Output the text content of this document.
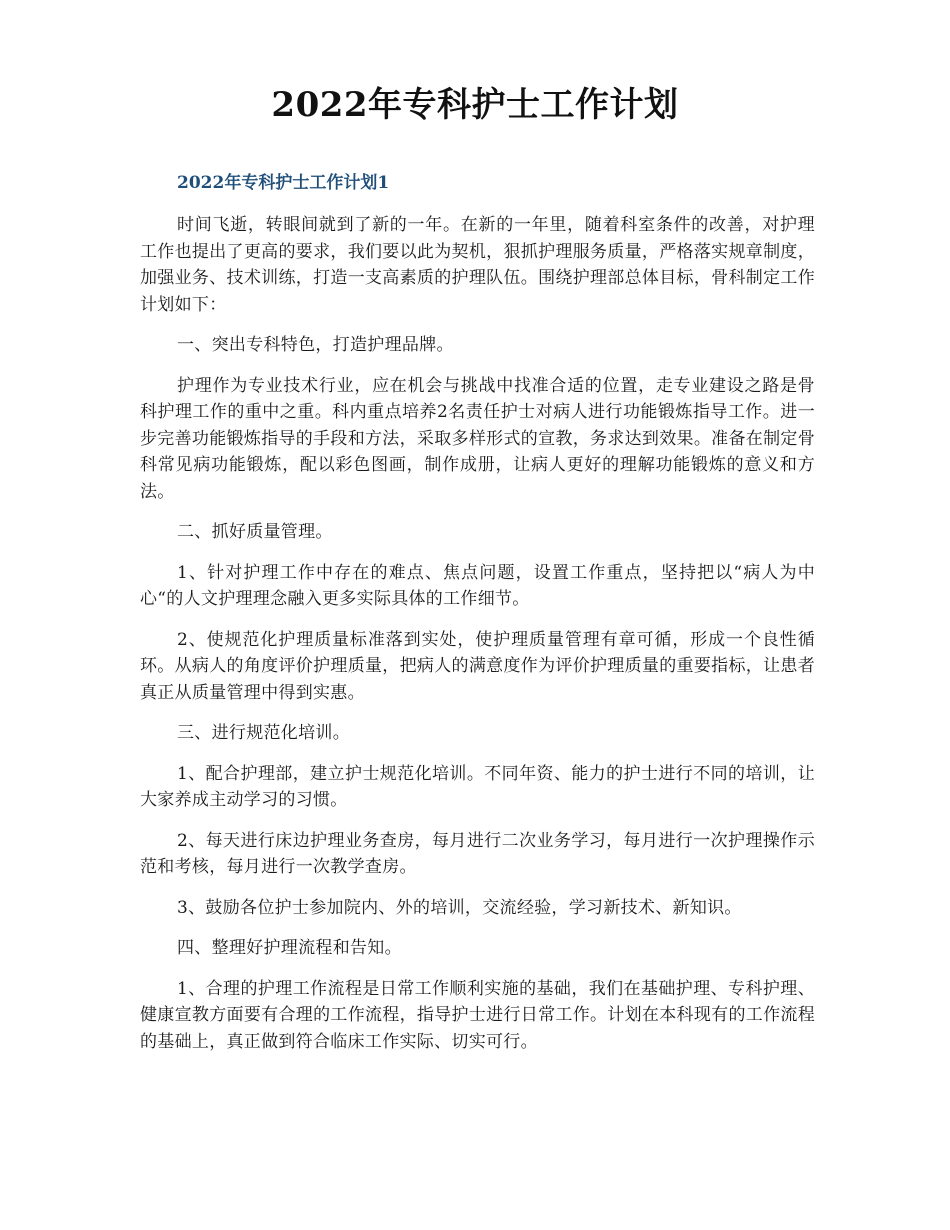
2022年专科护士工作计划
2022年专科护士工作计划1

时间飞逝，转眼间就到了新的一年。在新的一年里，随着科室条件的改善，对护理工作也提出了更高的要求，我们要以此为契机，狠抓护理服务质量，严格落实规章制度，加强业务、技术训练，打造一支高素质的护理队伍。围绕护理部总体目标，骨科制定工作计划如下：

一、突出专科特色，打造护理品牌。

护理作为专业技术行业，应在机会与挑战中找准合适的位置，走专业建设之路是骨科护理工作的重中之重。科内重点培养2名责任护士对病人进行功能锻炼指导工作。进一步完善功能锻炼指导的手段和方法，采取多样形式的宣教，务求达到效果。准备在制定骨科常见病功能锻炼，配以彩色图画，制作成册，让病人更好的理解功能锻炼的意义和方法。

二、抓好质量管理。

1、针对护理工作中存在的难点、焦点问题，设置工作重点，坚持把以“病人为中心“的人文护理理念融入更多实际具体的工作细节。

2、使规范化护理质量标准落到实处，使护理质量管理有章可循，形成一个良性循环。从病人的角度评价护理质量，把病人的满意度作为评价护理质量的重要指标，让患者真正从质量管理中得到实惠。

三、进行规范化培训。

1、配合护理部，建立护士规范化培训。不同年资、能力的护士进行不同的培训，让大家养成主动学习的习惯。

2、每天进行床边护理业务查房，每月进行二次业务学习，每月进行一次护理操作示范和考核，每月进行一次教学查房。

3、鼓励各位护士参加院内、外的培训，交流经验，学习新技术、新知识。

四、整理好护理流程和告知。

1、合理的护理工作流程是日常工作顺利实施的基础，我们在基础护理、专科护理、健康宣教方面要有合理的工作流程，指导护士进行日常工作。计划在本科现有的工作流程的基础上，真正做到符合临床工作实际、切实可行。
